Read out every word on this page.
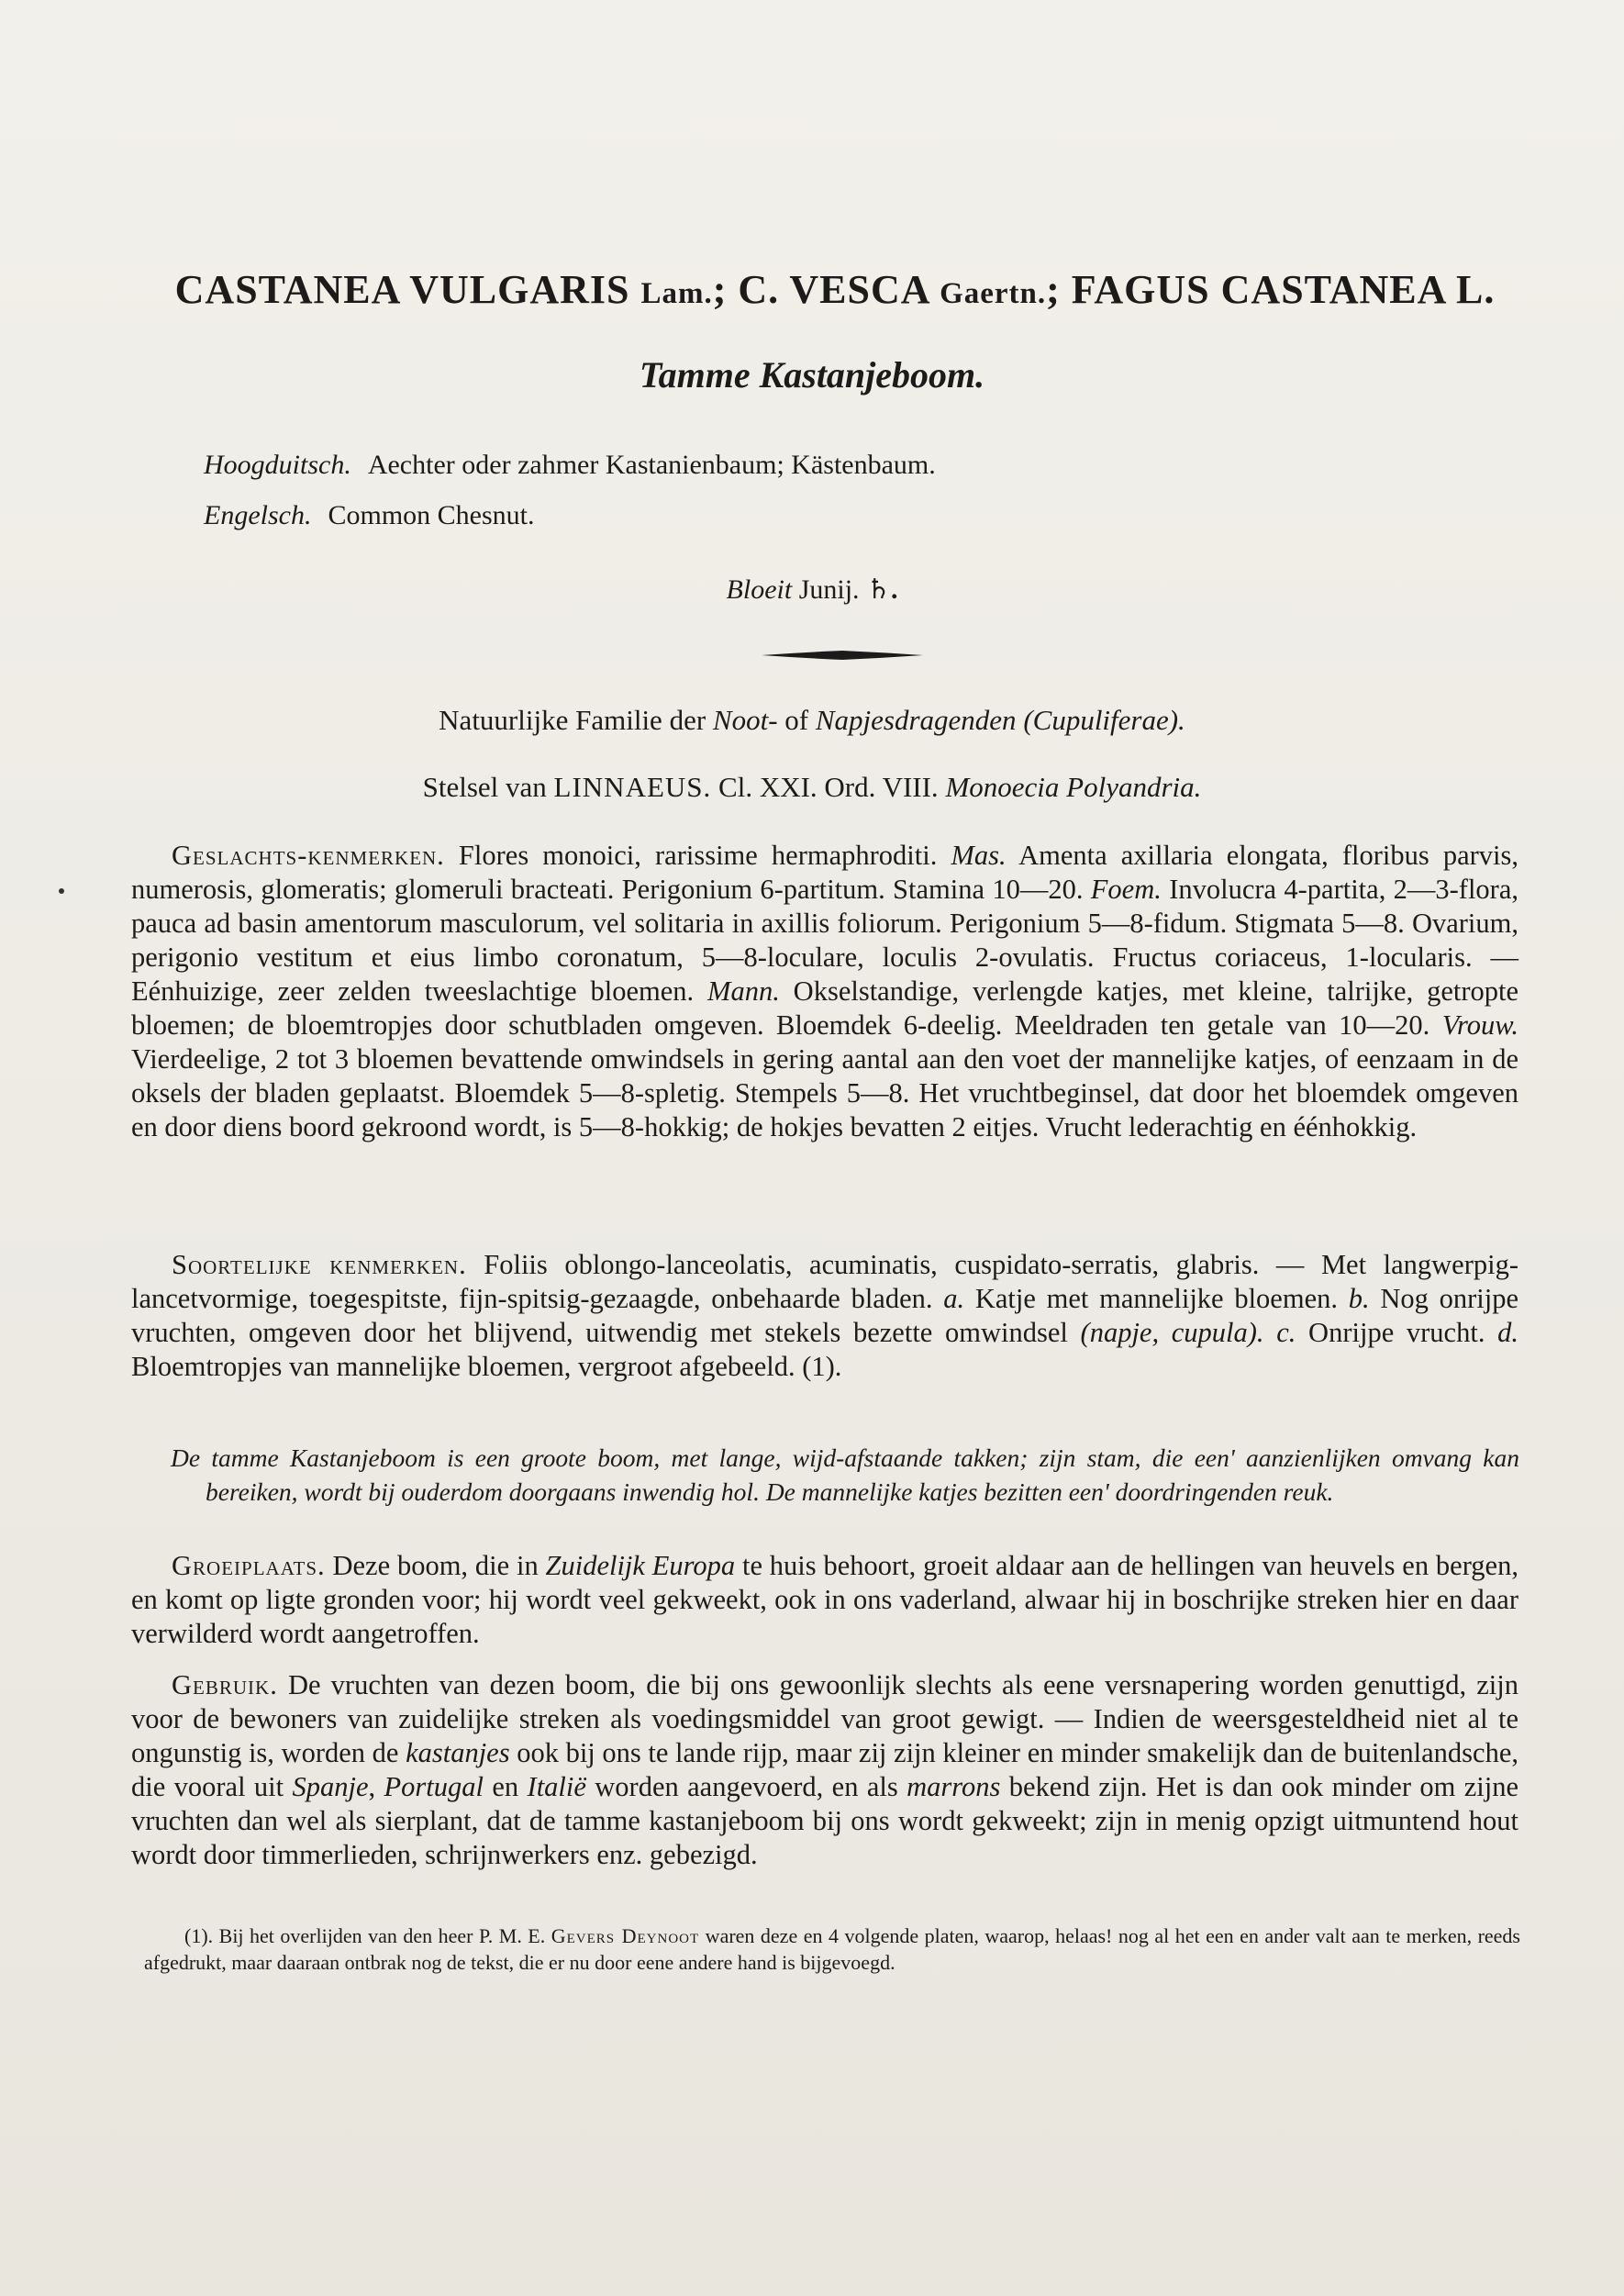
CASTANEA VULGARIS Lam.; C. VESCA Gaertn.; FAGUS CASTANEA L.
Tamme Kastanjeboom.
Hoogduitsch. Aechter oder zahmer Kastanienbaum; Kästenbaum.
Engelsch. Common Chesnut.
Bloeit Junij. ♄.
Natuurlijke Familie der Noot- of Napjesdragenden (Cupuliferae).
Stelsel van LINNAEUS. Cl. XXI. Ord. VIII. Monoecia Polyandria.
Geslachts-kenmerken. Flores monoici, rarissime hermaphroditi. Mas. Amenta axillaria elongata, floribus parvis, numerosis, glomeratis; glomeruli bracteati. Perigonium 6-partitum. Stamina 10—20. Foem. Involucra 4-partita, 2—3-flora, pauca ad basin amentorum masculorum, vel solitaria in axillis foliorum. Perigonium 5—8-fidum. Stigmata 5—8. Ovarium, perigonio vestitum et eius limbo coronatum, 5—8-loculare, loculis 2-ovulatis. Fructus coriaceus, 1-locularis. — Eénhuizige, zeer zelden tweeslachtige bloemen. Mann. Okselstandige, verlengde katjes, met kleine, talrijke, getropte bloemen; de bloemtropjes door schutbladen omgeven. Bloemdek 6-deelig. Meeldraden ten getale van 10—20. Vrouw. Vierdeelige, 2 tot 3 bloemen bevattende omwindsels in gering aantal aan den voet der mannelijke katjes, of eenzaam in de oksels der bladen geplaatst. Bloemdek 5—8-spletig. Stempels 5—8. Het vruchtbeginsel, dat door het bloemdek omgeven en door diens boord gekroond wordt, is 5—8-hokkig; de hokjes bevatten 2 eitjes. Vrucht lederachtig en éénhokkig.
Soortelijke kenmerken. Foliis oblongo-lanceolatis, acuminatis, cuspidato-serratis, glabris. — Met langwerpig-lancetvormige, toegespitste, fijn-spitsig-gezaagde, onbehaarde bladen. a. Katje met mannelijke bloemen. b. Nog onrijpe vruchten, omgeven door het blijvend, uitwendig met stekels bezette omwindsel (napje, cupula). c. Onrijpe vrucht. d. Bloemtropjes van mannelijke bloemen, vergroot afgebeeld. (1).
De tamme Kastanjeboom is een groote boom, met lange, wijd-afstaande takken; zijn stam, die een' aanzienlijken omvang kan bereiken, wordt bij ouderdom doorgaans inwendig hol. De mannelijke katjes bezitten een' doordringenden reuk.
Groeiplaats. Deze boom, die in Zuidelijk Europa te huis behoort, groeit aldaar aan de hellingen van heuvels en bergen, en komt op ligte gronden voor; hij wordt veel gekweekt, ook in ons vaderland, alwaar hij in boschrijke streken hier en daar verwilderd wordt aangetroffen.
Gebruik. De vruchten van dezen boom, die bij ons gewoonlijk slechts als eene versnapering worden genuttigd, zijn voor de bewoners van zuidelijke streken als voedingsmiddel van groot gewigt. — Indien de weersgesteldheid niet al te ongunstig is, worden de kastanjes ook bij ons te lande rijp, maar zij zijn kleiner en minder smakelijk dan de buitenlandsche, die vooral uit Spanje, Portugal en Italië worden aangevoerd, en als marrons bekend zijn. Het is dan ook minder om zijne vruchten dan wel als sierplant, dat de tamme kastanjeboom bij ons wordt gekweekt; zijn in menig opzigt uitmuntend hout wordt door timmerlieden, schrijnwerkers enz. gebezigd.
(1). Bij het overlijden van den heer P. M. E. Gevers Deynoot waren deze en 4 volgende platen, waarop, helaas! nog al het een en ander valt aan te merken, reeds afgedrukt, maar daaraan ontbrak nog de tekst, die er nu door eene andere hand is bijgevoegd.
